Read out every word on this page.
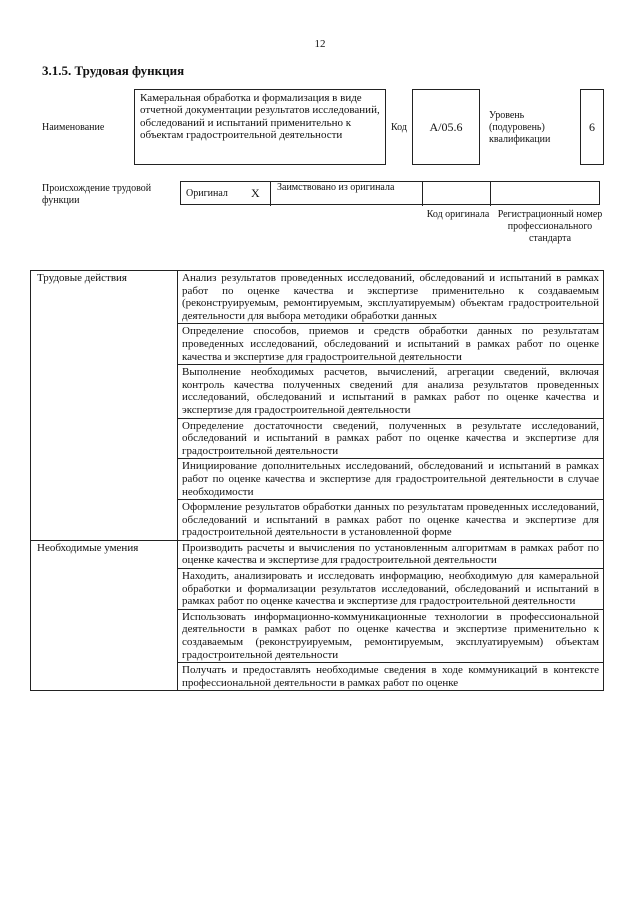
12
3.1.5. Трудовая функция
Наименование
Камеральная обработка и формализация в виде отчетной документации результатов исследований, обследований и испытаний применительно к объектам градостроительной деятельности
Код А/05.6
Уровень (подуровень) квалификации
6
Происхождение трудовой функции
Оригинал X Заимствовано из оригинала
Код оригинала Регистрационный номер профессионального стандарта
Трудовые действия	Анализ результатов проведенных исследований, обследований и испытаний в рамках работ по оценке качества и экспертизе применительно к создаваемым (реконструируемым, ремонтируемым, эксплуатируемым) объектам градостроительной деятельности для выбора методики обработки данных
	Определение способов, приемов и средств обработки данных по результатам проведенных исследований, обследований и испытаний в рамках работ по оценке качества и экспертизе для градостроительной деятельности
	Выполнение необходимых расчетов, вычислений, агрегации сведений, включая контроль качества полученных сведений для анализа результатов проведенных исследований, обследований и испытаний в рамках работ по оценке качества и экспертизе для градостроительной деятельности
	Определение достаточности сведений, полученных в результате исследований, обследований и испытаний в рамках работ по оценке качества и экспертизе для градостроительной деятельности
	Инициирование дополнительных исследований, обследований и испытаний в рамках работ по оценке качества и экспертизе для градостроительной деятельности в случае необходимости
	Оформление результатов обработки данных по результатам проведенных исследований, обследований и испытаний в рамках работ по оценке качества и экспертизе для градостроительной деятельности в установленной форме
Необходимые умения	Производить расчеты и вычисления по установленным алгоритмам в рамках работ по оценке качества и экспертизе для градостроительной деятельности
	Находить, анализировать и исследовать информацию, необходимую для камеральной обработки и формализации результатов исследований, обследований и испытаний в рамках работ по оценке качества и экспертизе для градостроительной деятельности
	Использовать информационно-коммуникационные технологии в профессиональной деятельности в рамках работ по оценке качества и экспертизе применительно к создаваемым (реконструируемым, ремонтируемым, эксплуатируемым) объектам градостроительной деятельности
	Получать и предоставлять необходимые сведения в ходе коммуникаций в контексте профессиональной деятельности в рамках работ по оценке
